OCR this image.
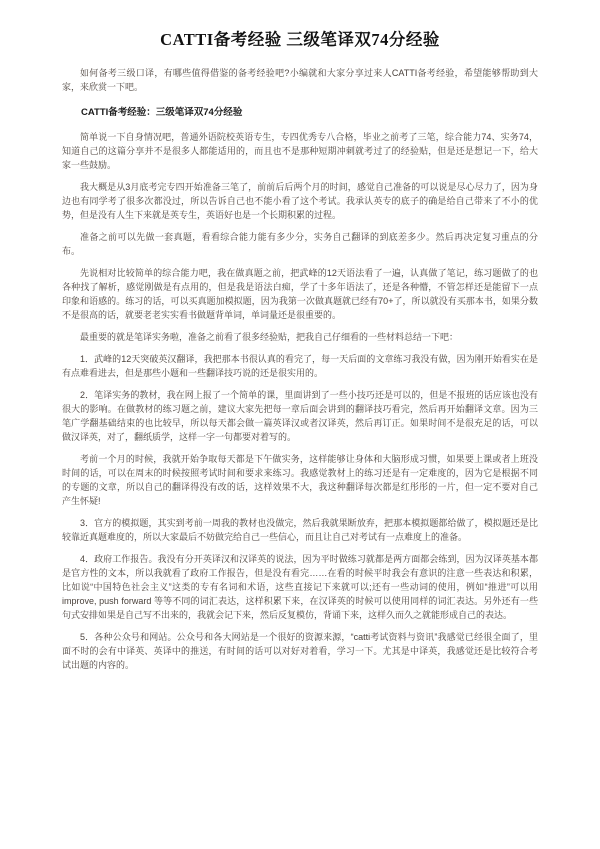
CATTI备考经验 三级笔译双74分经验

如何备考三级口译，有哪些值得借鉴的备考经验吧?小编就和大家分享过来人CATTI备考经验，希望能够帮助到大家，来欣赏一下吧。

CATTI备考经验：三级笔译双74分经验

简单说一下自身情况吧，普通外语院校英语专生，专四优秀专八合格，毕业之前考了三笔，综合能力74、实务74，知道自己的这篇分享并不是很多人都能适用的，而且也不是那种短期冲刺就考过了的经验贴，但是还是想记一下，给大家一些鼓励。

我大概是从3月底考完专四开始准备三笔了，前前后后两个月的时间，感觉自己准备的可以说是尽心尽力了，因为身边也有同学考了很多次都没过，所以告诉自己也不能小看了这个考试。我承认英专的底子的确是给自己带来了不小的优势，但是没有人生下来就是英专生，英语好也是一个长期积累的过程。

准备之前可以先做一套真题，看看综合能力能有多少分，实务自己翻译的到底差多少。然后再决定复习重点的分布。

先说相对比较简单的综合能力吧，我在做真题之前，把武峰的12天语法看了一遍，认真做了笔记，练习题做了的也各种找了解析，感觉刚做是有点用的，但是我是语法白痴，学了十多年语法了，还是各种懵，不管怎样还是能留下一点印象和语感的。练习的话，可以买真题加模拟题，因为我第一次做真题就已经有70+了，所以就没有买那本书，如果分数不是很高的话，就要老老实实看书做题背单词，单词量还是很重要的。

最重要的就是笔译实务啦，准备之前看了很多经验贴，把我自己仔细看的一些材料总结一下吧：

1．武峰的12天突破英汉翻译，我把那本书很认真的看完了，每一天后面的文章练习我没有做，因为刚开始看实在是有点难看进去，但是那些小题和一些翻译技巧说的还是很实用的。

2．笔译实务的教材，我在网上报了一个简单的课，里面讲到了一些小技巧还是可以的，但是不报班的话应该也没有很大的影响。在做教材的练习题之前，建议大家先把每一章后面会讲到的翻译技巧看完，然后再开始翻译文章。因为三笔广学翻基础结束的也比较早，所以每天都会做一篇英译汉或者汉译英，然后再订正。如果时间不是很充足的话，可以做汉译英，对了，翻纸质学，这样一字一句都要对着写的。

考前一个月的时候，我就开始争取每天都是下午做实务，这样能够让身体和大脑形成习惯，如果要上课或者上班没时间的话，可以在周末的时候按照考试时间和要求来练习。我感觉教材上的练习还是有一定难度的，因为它是根据不同的专题的文章，所以自己的翻译得没有改的话，这样效果不大，我这种翻译每次都是红彤彤的一片，但一定不要对自己产生怀疑!

3．官方的模拟题，其实到考前一周我的教材也没做完，然后我就果断放弃，把那本模拟题都给做了，模拟题还是比较靠近真题难度的，所以大家最后不妨做完给自己一些信心，而且让自己对考试有一点难度上的准备。

4．政府工作报告。我没有分开英译汉和汉译英的说法，因为平时做练习就都是两方面都会练到，因为汉译英基本都是官方性的文本，所以我就看了政府工作报告，但是没有看完……在看的时候平时我会有意识的注意一些表达和积累，比如说“中国特色社会主义”这类的专有名词和术语，这些直接记下来就可以;还有一些动词的使用，例如“推进”可以用improve, push forward 等等不同的词汇表达，这样积累下来，在汉译英的时候可以使用同样的词汇表达。另外还有一些句式安排如果是自己写不出来的，我就会记下来，然后反复模仿，背诵下来，这样久而久之就能形成自己的表达。

5．各种公众号和网站。公众号和各大网站是一个很好的资源来源，“catti考试资料与资讯”我感觉已经很全面了，里面不时的会有中译英、英译中的推送，有时间的话可以对好对着看，学习一下。尤其是中译英，我感觉还是比较符合考试出题的内容的。
